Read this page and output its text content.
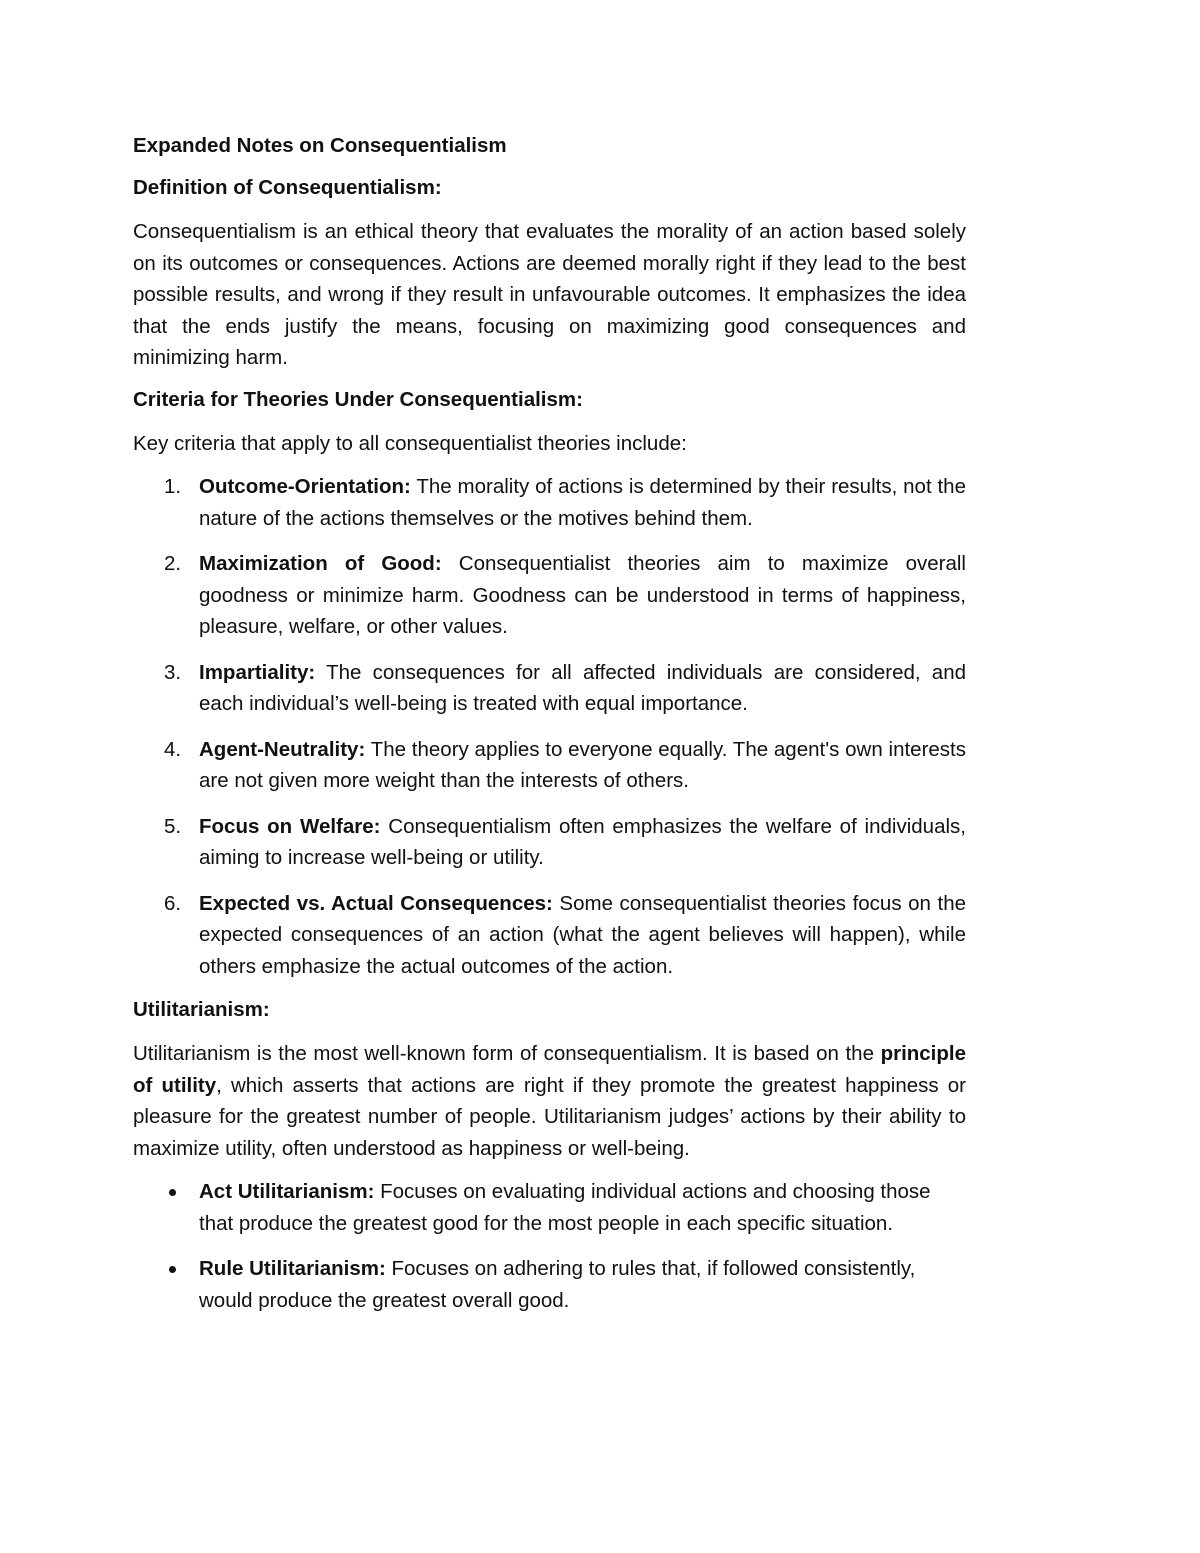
Expanded Notes on Consequentialism

Definition of Consequentialism:

Consequentialism is an ethical theory that evaluates the morality of an action based solely on its outcomes or consequences. Actions are deemed morally right if they lead to the best possible results, and wrong if they result in unfavourable outcomes. It emphasizes the idea that the ends justify the means, focusing on maximizing good consequences and minimizing harm.

Criteria for Theories Under Consequentialism:

Key criteria that apply to all consequentialist theories include:

1. Outcome-Orientation: The morality of actions is determined by their results, not the nature of the actions themselves or the motives behind them.
2. Maximization of Good: Consequentialist theories aim to maximize overall goodness or minimize harm. Goodness can be understood in terms of happiness, pleasure, welfare, or other values.
3. Impartiality: The consequences for all affected individuals are considered, and each individual’s well-being is treated with equal importance.
4. Agent-Neutrality: The theory applies to everyone equally. The agent's own interests are not given more weight than the interests of others.
5. Focus on Welfare: Consequentialism often emphasizes the welfare of individuals, aiming to increase well-being or utility.
6. Expected vs. Actual Consequences: Some consequentialist theories focus on the expected consequences of an action (what the agent believes will happen), while others emphasize the actual outcomes of the action.

Utilitarianism:

Utilitarianism is the most well-known form of consequentialism. It is based on the principle of utility, which asserts that actions are right if they promote the greatest happiness or pleasure for the greatest number of people. Utilitarianism judges’ actions by their ability to maximize utility, often understood as happiness or well-being.

Act Utilitarianism: Focuses on evaluating individual actions and choosing those that produce the greatest good for the most people in each specific situation.
Rule Utilitarianism: Focuses on adhering to rules that, if followed consistently, would produce the greatest overall good.
